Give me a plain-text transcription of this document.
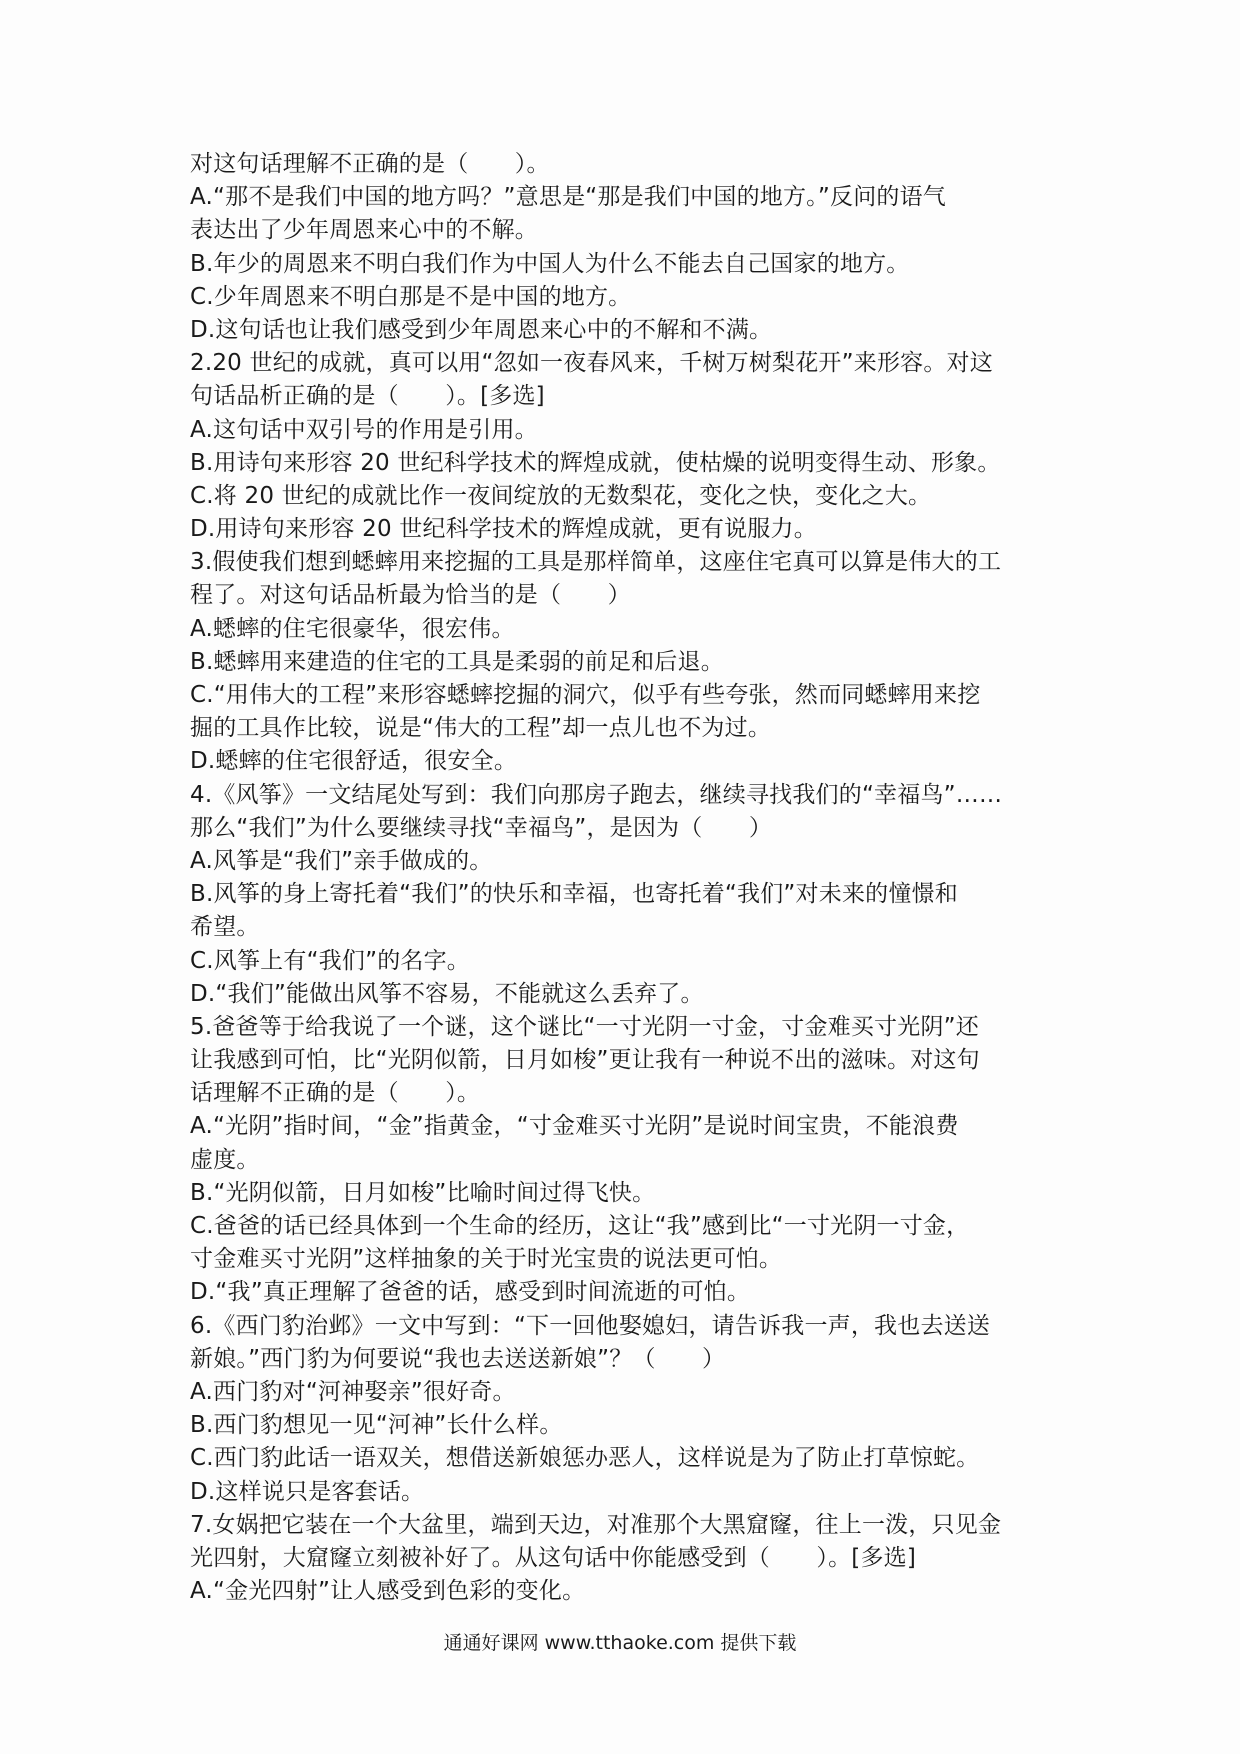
对这句话理解不正确的是（　　）。
A.“那不是我们中国的地方吗？”意思是“那是我们中国的地方。”反问的语气
表达出了少年周恩来心中的不解。
B.年少的周恩来不明白我们作为中国人为什么不能去自己国家的地方。
C.少年周恩来不明白那是不是中国的地方。
D.这句话也让我们感受到少年周恩来心中的不解和不满。
2.20 世纪的成就，真可以用“忽如一夜春风来，千树万树梨花开”来形容。对这
句话品析正确的是（　　）。[多选]
A.这句话中双引号的作用是引用。
B.用诗句来形容 20 世纪科学技术的辉煌成就，使枯燥的说明变得生动、形象。
C.将 20 世纪的成就比作一夜间绽放的无数梨花，变化之快，变化之大。
D.用诗句来形容 20 世纪科学技术的辉煌成就，更有说服力。
3.假使我们想到蟋蟀用来挖掘的工具是那样简单，这座住宅真可以算是伟大的工
程了。对这句话品析最为恰当的是（　　）
A.蟋蟀的住宅很豪华，很宏伟。
B.蟋蟀用来建造的住宅的工具是柔弱的前足和后退。
C.“用伟大的工程”来形容蟋蟀挖掘的洞穴，似乎有些夸张，然而同蟋蟀用来挖
掘的工具作比较，说是“伟大的工程”却一点儿也不为过。
D.蟋蟀的住宅很舒适，很安全。
4.《风筝》一文结尾处写到：我们向那房子跑去，继续寻找我们的“幸福鸟”……
那么“我们”为什么要继续寻找“幸福鸟”，是因为（　　）
A.风筝是“我们”亲手做成的。
B.风筝的身上寄托着“我们”的快乐和幸福，也寄托着“我们”对未来的憧憬和
希望。
C.风筝上有“我们”的名字。
D.“我们”能做出风筝不容易，不能就这么丢弃了。
5.爸爸等于给我说了一个谜，这个谜比“一寸光阴一寸金，寸金难买寸光阴”还
让我感到可怕，比“光阴似箭，日月如梭”更让我有一种说不出的滋味。对这句
话理解不正确的是（　　）。
A.“光阴”指时间，“金”指黄金，“寸金难买寸光阴”是说时间宝贵，不能浪费
虚度。
B.“光阴似箭，日月如梭”比喻时间过得飞快。
C.爸爸的话已经具体到一个生命的经历，这让“我”感到比“一寸光阴一寸金，
寸金难买寸光阴”这样抽象的关于时光宝贵的说法更可怕。
D.“我”真正理解了爸爸的话，感受到时间流逝的可怕。
6.《西门豹治邺》一文中写到：“下一回他娶媳妇，请告诉我一声，我也去送送
新娘。”西门豹为何要说“我也去送送新娘”？（　　）
A.西门豹对“河神娶亲”很好奇。
B.西门豹想见一见“河神”长什么样。
C.西门豹此话一语双关，想借送新娘惩办恶人，这样说是为了防止打草惊蛇。
D.这样说只是客套话。
7.女娲把它装在一个大盆里，端到天边，对准那个大黑窟窿，往上一泼，只见金
光四射，大窟窿立刻被补好了。从这句话中你能感受到（　　）。[多选]
A.“金光四射”让人感受到色彩的变化。
通通好课网 www.tthaoke.com 提供下载
